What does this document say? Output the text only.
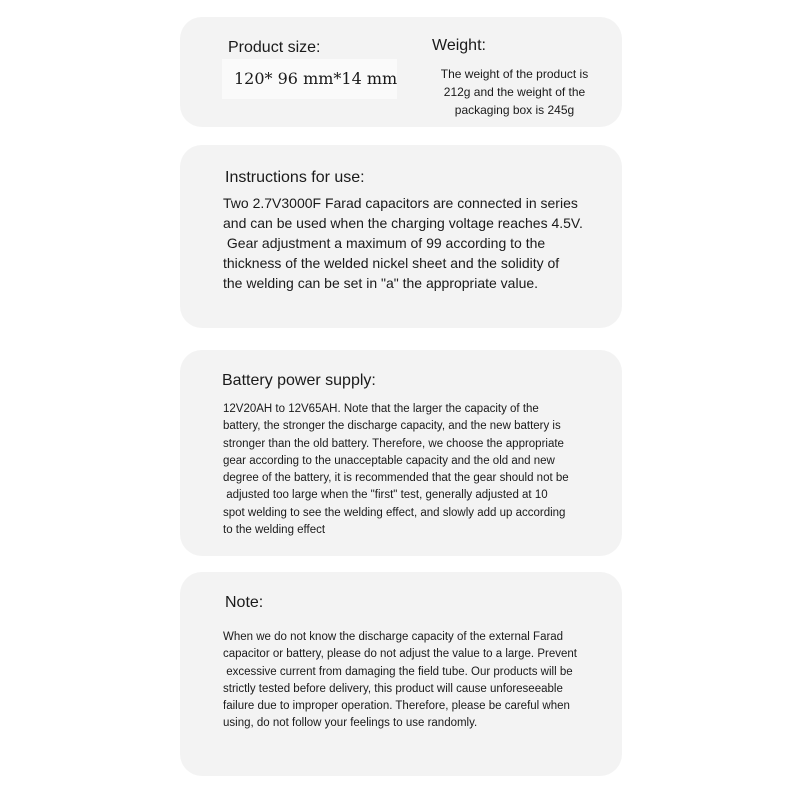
Product size:
120* 96 mm*14 mm
Weight:
The weight of the product is
212g and the weight of the
packaging box is 245g
Instructions for use:
Two 2.7V3000F Farad capacitors are connected in series
and can be used when the charging voltage reaches 4.5V.
Gear adjustment a maximum of 99 according to the
thickness of the welded nickel sheet and the solidity of
the welding can be set in "a" the appropriate value.
Battery power supply:
12V20AH to 12V65AH. Note that the larger the capacity of the
battery, the stronger the discharge capacity, and the new battery is
stronger than the old battery. Therefore, we choose the appropriate
gear according to the unacceptable capacity and the old and new
degree of the battery, it is recommended that the gear should not be
adjusted too large when the "first" test, generally adjusted at 10
spot welding to see the welding effect, and slowly add up according
to the welding effect
Note:
When we do not know the discharge capacity of the external Farad
capacitor or battery, please do not adjust the value to a large. Prevent
excessive current from damaging the field tube. Our products will be
strictly tested before delivery, this product will cause unforeseeable
failure due to improper operation. Therefore, please be careful when
using, do not follow your feelings to use randomly.
